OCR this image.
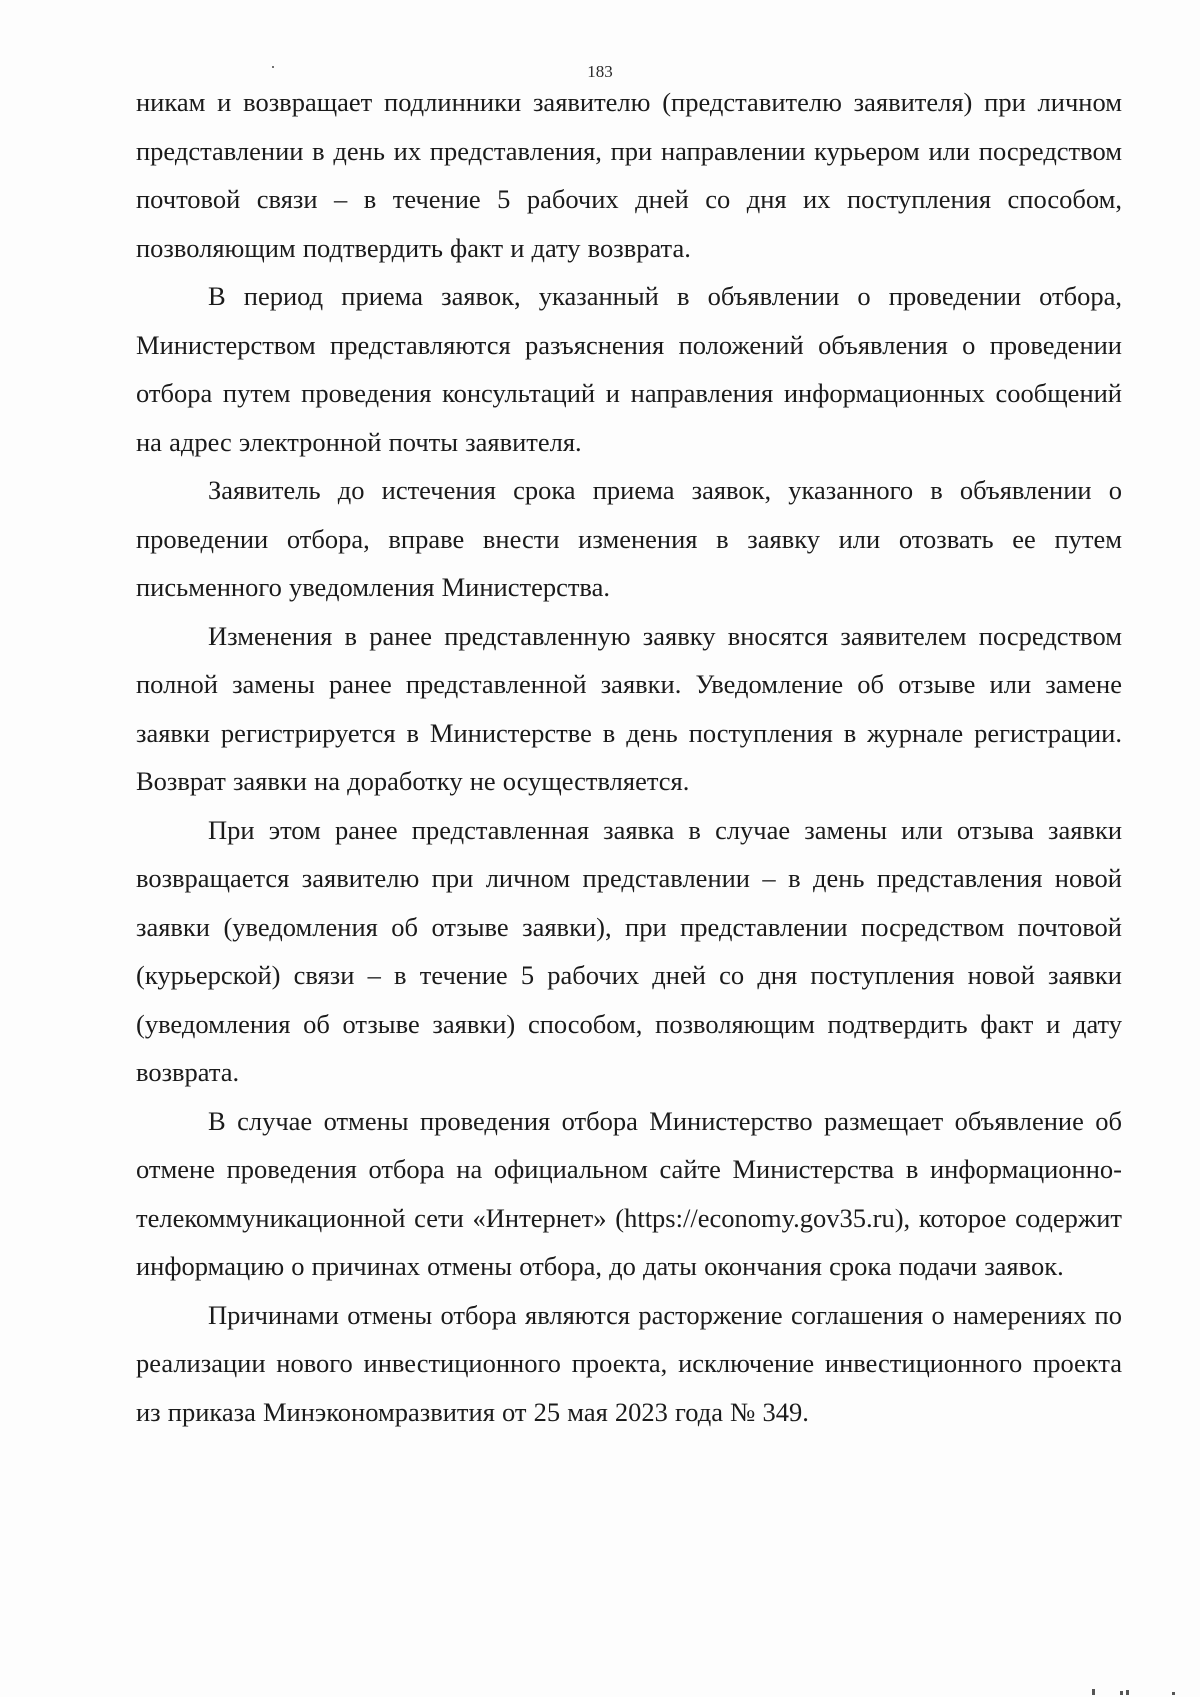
183

никам и возвращает подлинники заявителю (представителю заявителя) при личном представлении в день их представления, при направлении курьером или посредством почтовой связи – в течение 5 рабочих дней со дня их поступления способом, позволяющим подтвердить факт и дату возврата.

В период приема заявок, указанный в объявлении о проведении отбора, Министерством представляются разъяснения положений объявления о проведении отбора путем проведения консультаций и направления информационных сообщений на адрес электронной почты заявителя.

Заявитель до истечения срока приема заявок, указанного в объявлении о проведении отбора, вправе внести изменения в заявку или отозвать ее путем письменного уведомления Министерства.

Изменения в ранее представленную заявку вносятся заявителем посредством полной замены ранее представленной заявки. Уведомление об отзыве или замене заявки регистрируется в Министерстве в день поступления в журнале регистрации. Возврат заявки на доработку не осуществляется.

При этом ранее представленная заявка в случае замены или отзыва заявки возвращается заявителю при личном представлении – в день представления новой заявки (уведомления об отзыве заявки), при представлении посредством почтовой (курьерской) связи – в течение 5 рабочих дней со дня поступления новой заявки (уведомления об отзыве заявки) способом, позволяющим подтвердить факт и дату возврата.

В случае отмены проведения отбора Министерство размещает объявление об отмене проведения отбора на официальном сайте Министерства в информационно-телекоммуникационной сети «Интернет» (https://economy.gov35.ru), которое содержит информацию о причинах отмены отбора, до даты окончания срока подачи заявок.

Причинами отмены отбора являются расторжение соглашения о намерениях по реализации нового инвестиционного проекта, исключение инвестиционного проекта из приказа Минэкономразвития от 25 мая 2023 года № 349.
